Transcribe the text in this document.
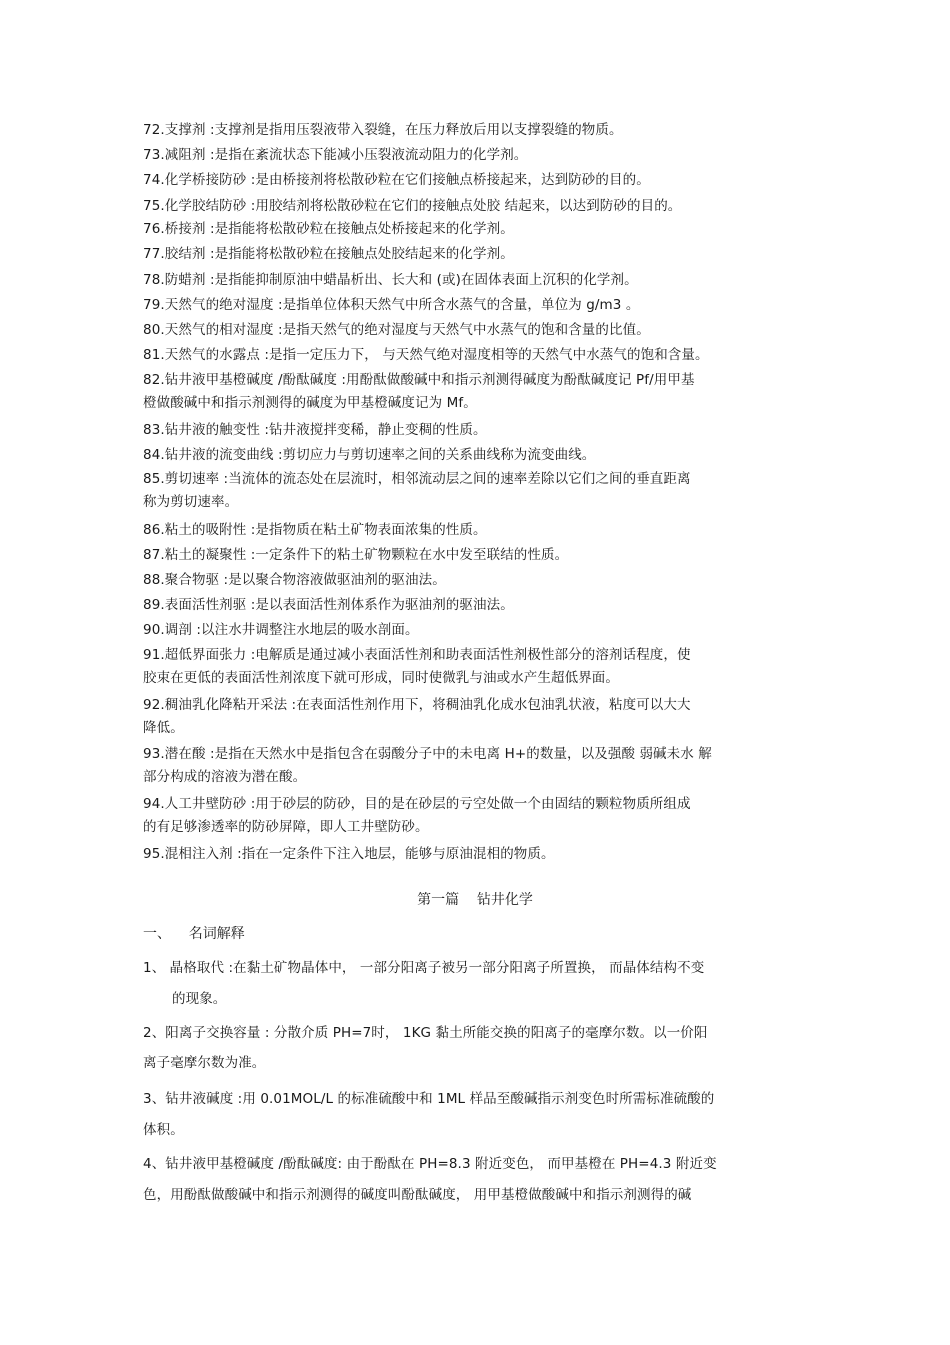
72.支撑剂 :支撑剂是指用压裂液带入裂缝，在压力释放后用以支撑裂缝的物质。
73.减阻剂 :是指在紊流状态下能减小压裂液流动阻力的化学剂。
74.化学桥接防砂 :是由桥接剂将松散砂粒在它们接触点桥接起来，达到防砂的目的。
75.化学胶结防砂 :用胶结剂将松散砂粒在它们的接触点处胶 结起来，以达到防砂的目的。
76.桥接剂 :是指能将松散砂粒在接触点处桥接起来的化学剂。
77.胶结剂 :是指能将松散砂粒在接触点处胶结起来的化学剂。
78.防蜡剂 :是指能抑制原油中蜡晶析出、长大和 (或)在固体表面上沉积的化学剂。
79.天然气的绝对湿度 :是指单位体积天然气中所含水蒸气的含量，单位为 g/m3 。
80.天然气的相对湿度 :是指天然气的绝对湿度与天然气中水蒸气的饱和含量的比值。
81.天然气的水露点 :是指一定压力下， 与天然气绝对湿度相等的天然气中水蒸气的饱和含量。
82.钻井液甲基橙碱度 /酚酞碱度 :用酚酞做酸碱中和指示剂测得碱度为酚酞碱度记 Pf/用甲基
橙做酸碱中和指示剂测得的碱度为甲基橙碱度记为 Mf。
83.钻井液的触变性 :钻井液搅拌变稀，静止变稠的性质。
84.钻井液的流变曲线 :剪切应力与剪切速率之间的关系曲线称为流变曲线。
85.剪切速率 :当流体的流态处在层流时，相邻流动层之间的速率差除以它们之间的垂直距离
称为剪切速率。
86.粘土的吸附性 :是指物质在粘土矿物表面浓集的性质。
87.粘土的凝聚性 :一定条件下的粘土矿物颗粒在水中发至联结的性质。
88.聚合物驱 :是以聚合物溶液做驱油剂的驱油法。
89.表面活性剂驱 :是以表面活性剂体系作为驱油剂的驱油法。
90.调剖 :以注水井调整注水地层的吸水剖面。
91.超低界面张力 :电解质是通过减小表面活性剂和助表面活性剂极性部分的溶剂话程度，使
胶束在更低的表面活性剂浓度下就可形成，同时使微乳与油或水产生超低界面。
92.稠油乳化降粘开采法 :在表面活性剂作用下，将稠油乳化成水包油乳状液，粘度可以大大
降低。
93.潜在酸 :是指在天然水中是指包含在弱酸分子中的未电离 H+的数量，以及强酸 弱碱未水 解
部分构成的溶液为潜在酸。
94.人工井壁防砂 :用于砂层的防砂，目的是在砂层的亏空处做一个由固结的颗粒物质所组成
的有足够渗透率的防砂屏障，即人工井壁防砂。
95.混相注入剂 :指在一定条件下注入地层，能够与原油混相的物质。
第一篇    钻井化学
一、    名词解释
1、 晶格取代 :在黏土矿物晶体中， 一部分阳离子被另一部分阳离子所置换， 而晶体结构不变
的现象。
2、阳离子交换容量 : 分散介质 PH=7时， 1KG 黏土所能交换的阳离子的毫摩尔数。以一价阳
离子毫摩尔数为准。
3、钻井液碱度 :用 0.01MOL/L 的标准硫酸中和 1ML 样品至酸碱指示剂变色时所需标准硫酸的
体积。
4、钻井液甲基橙碱度 /酚酞碱度: 由于酚酞在 PH=8.3 附近变色， 而甲基橙在 PH=4.3 附近变
色，用酚酞做酸碱中和指示剂测得的碱度叫酚酞碱度， 用甲基橙做酸碱中和指示剂测得的碱
